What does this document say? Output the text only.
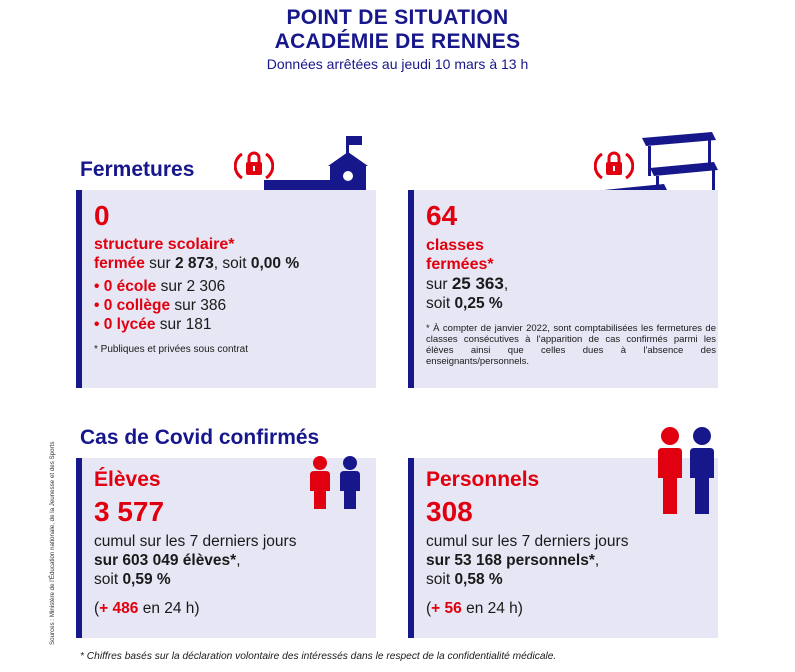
POINT DE SITUATION
ACADÉMIE DE RENNES
Données arrêtées au jeudi 10 mars à 13 h
Sources : Ministère de l'Éducation nationale, de la Jeunesse et des Sports
Fermetures
0
structure scolaire*
fermée sur 2 873, soit 0,00 %
• 0 école sur 2 306
• 0 collège sur 386
• 0 lycée sur 181
* Publiques et privées sous contrat
64
classes
fermées*
sur 25 363,
soit 0,25 %
* À compter de janvier 2022, sont comptabilisées les fermetures de classes consécutives à l'apparition de cas confirmés parmi les élèves ainsi que celles dues à l'absence des enseignants/personnels.
Cas de Covid confirmés
Élèves
3 577
cumul sur les 7 derniers jours
sur 603 049 élèves*,
soit 0,59 %
(+ 486 en 24 h)
Personnels
308
cumul sur les 7 derniers jours
sur 53 168 personnels*,
soit 0,58 %
(+ 56 en 24 h)
* Chiffres basés sur la déclaration volontaire des intéressés dans le respect de la confidentialité médicale.
